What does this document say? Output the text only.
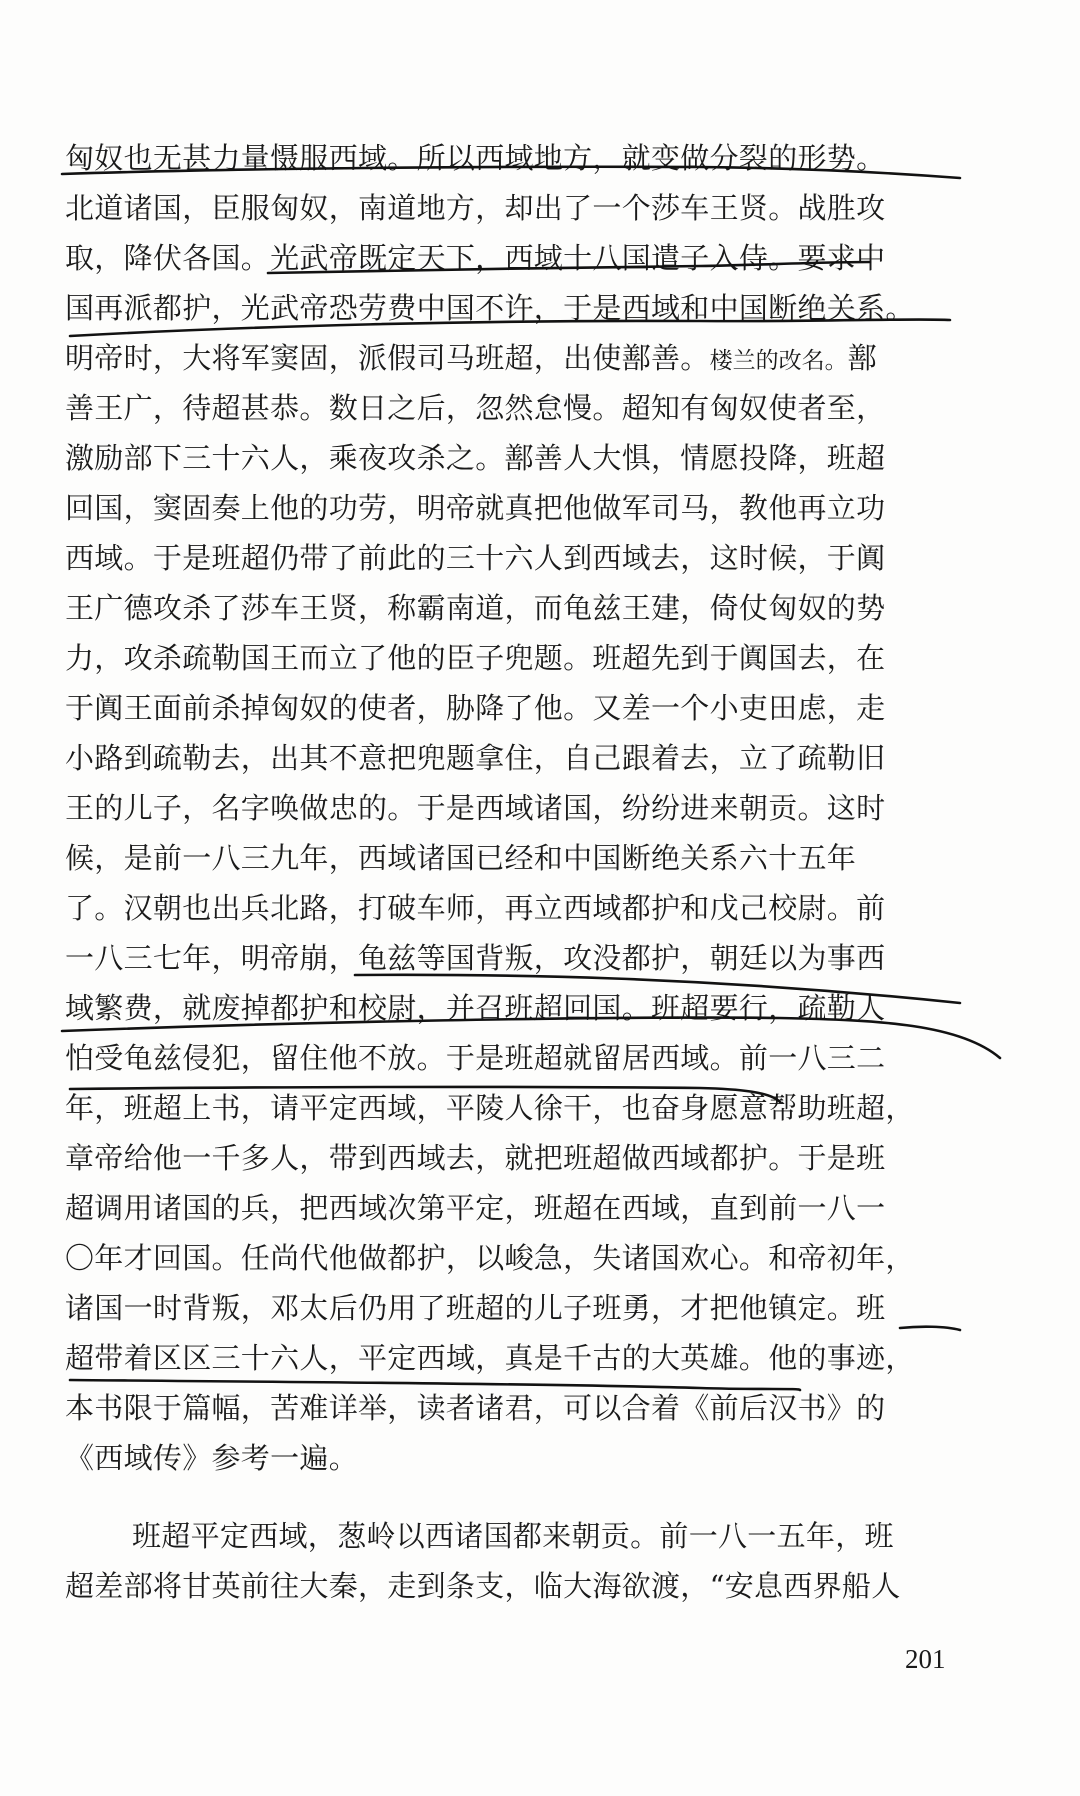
匈奴也无甚力量慑服西域。所以西域地方，就变做分裂的形势。
北道诸国，臣服匈奴，南道地方，却出了一个莎车王贤。战胜攻
取，降伏各国。光武帝既定天下，西域十八国遣子入侍。要求中
国再派都护，光武帝恐劳费中国不许，于是西域和中国断绝关系。
明帝时，大将军窦固，派假司马班超，出使鄯善。楼兰的改名。鄯
善王广，待超甚恭。数日之后，忽然怠慢。超知有匈奴使者至，
激励部下三十六人，乘夜攻杀之。鄯善人大惧，情愿投降，班超
回国，窦固奏上他的功劳，明帝就真把他做军司马，教他再立功
西域。于是班超仍带了前此的三十六人到西域去，这时候，于阗
王广德攻杀了莎车王贤，称霸南道，而龟兹王建，倚仗匈奴的势
力，攻杀疏勒国王而立了他的臣子兜题。班超先到于阗国去，在
于阗王面前杀掉匈奴的使者，胁降了他。又差一个小吏田虑，走
小路到疏勒去，出其不意把兜题拿住，自己跟着去，立了疏勒旧
王的儿子，名字唤做忠的。于是西域诸国，纷纷进来朝贡。这时
候，是前一八三九年，西域诸国已经和中国断绝关系六十五年
了。汉朝也出兵北路，打破车师，再立西域都护和戊己校尉。前
一八三七年，明帝崩，龟兹等国背叛，攻没都护，朝廷以为事西
域繁费，就废掉都护和校尉，并召班超回国。班超要行，疏勒人
怕受龟兹侵犯，留住他不放。于是班超就留居西域。前一八三二
年，班超上书，请平定西域，平陵人徐干，也奋身愿意帮助班超，
章帝给他一千多人，带到西域去，就把班超做西域都护。于是班
超调用诸国的兵，把西域次第平定，班超在西域，直到前一八一
〇年才回国。任尚代他做都护，以峻急，失诸国欢心。和帝初年，
诸国一时背叛，邓太后仍用了班超的儿子班勇，才把他镇定。班
超带着区区三十六人，平定西域，真是千古的大英雄。他的事迹，
本书限于篇幅，苦难详举，读者诸君，可以合着《前后汉书》的
《西域传》参考一遍。
班超平定西域，葱岭以西诸国都来朝贡。前一八一五年，班
超差部将甘英前往大秦，走到条支，临大海欲渡，“安息西界船人
201
